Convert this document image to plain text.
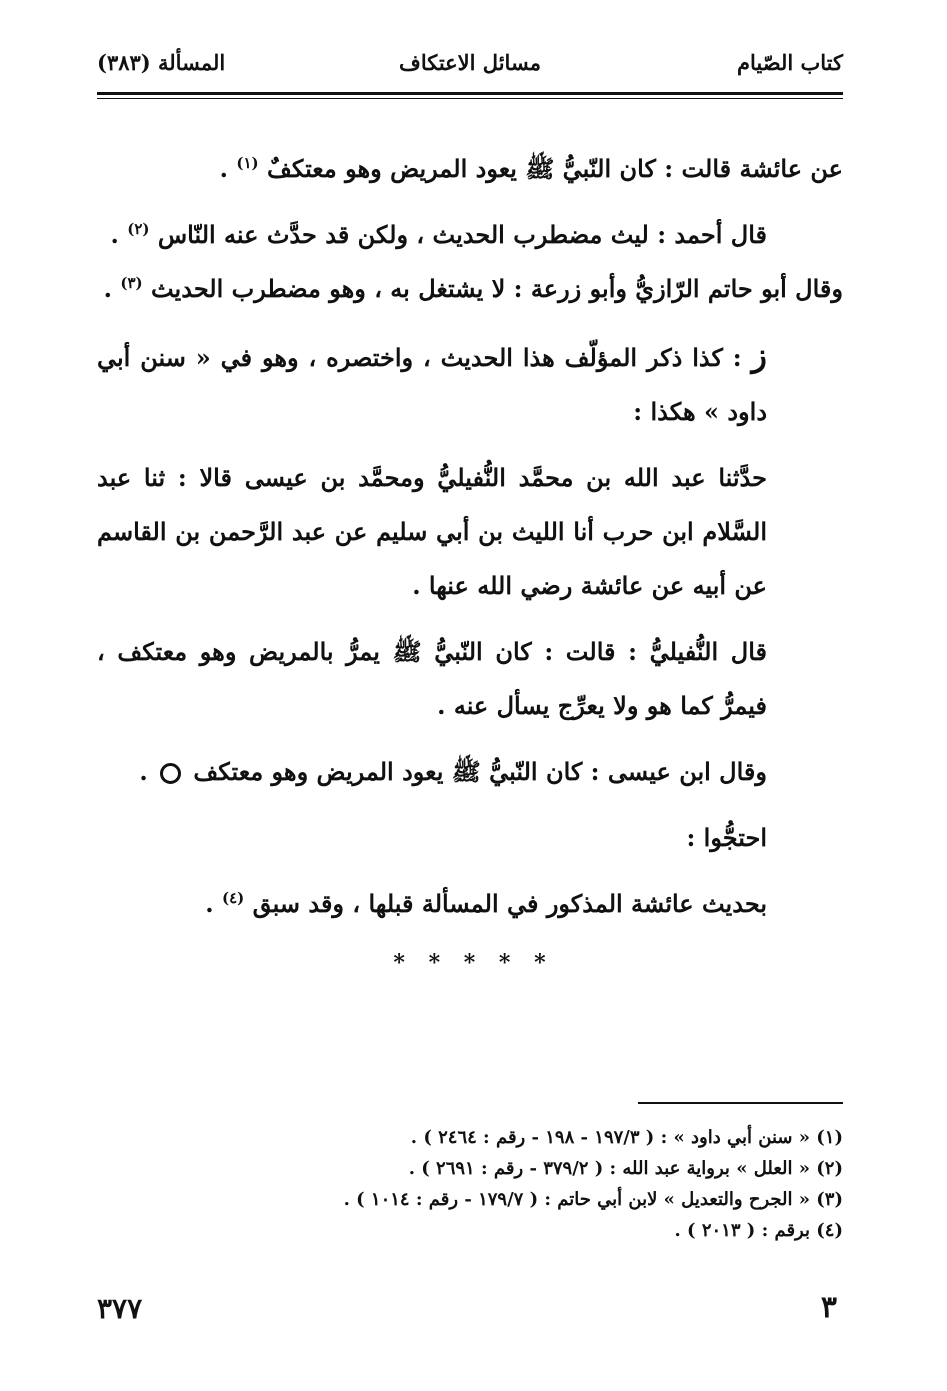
كتاب الصّيام
مسائل الاعتكاف
المسألة (٣٨٣)

عن عائشة قالت : كان النّبيُّ ﷺ يعود المريض وهو معتكفٌ $^{(١)}$ .

قال أحمد : ليث مضطرب الحديث ، ولكن قد حدَّث عنه النّاس $^{(٢)}$ .

وقال أبو حاتم الرّازيُّ وأبو زرعة : لا يشتغل به ، وهو مضطرب الحديث $^{(٣)}$ .

ز : كذا ذكر المؤلّف هذا الحديث ، واختصره ، وهو في « سنن أبي داود » هكذا :

حدَّثنا عبد الله بن محمَّد النُّفيليُّ ومحمَّد بن عيسى قالا : ثنا عبد السَّلام ابن حرب أنا الليث بن أبي سليم عن عبد الرَّحمن بن القاسم عن أبيه عن عائشة رضي الله عنها .

قال النُّفيليُّ : قالت : كان النّبيُّ ﷺ يمرُّ بالمريض وهو معتكف ، فيمرُّ كما هو ولا يعرِّج يسأل عنه .

وقال ابن عيسى : كان النّبيُّ ﷺ يعود المريض وهو معتكف  .

احتجُّوا :

بحديث عائشة المذكور في المسألة قبلها ، وقد سبق $^{(٤)}$ .

* * * * *

(١) « سنن أبي داود » : ( ١٩٧/٣ - ١٩٨ - رقم : ٢٤٦٤ ) .

(٢) « العلل » برواية عبد الله : ( ٣٧٩/٢ - رقم : ٢٦٩١ ) .

(٣) « الجرح والتعديل » لابن أبي حاتم : ( ١٧٩/٧ - رقم : ١٠١٤ ) .

(٤) برقم : ( ٢٠١٣ ) .

٣
٣٧٧
